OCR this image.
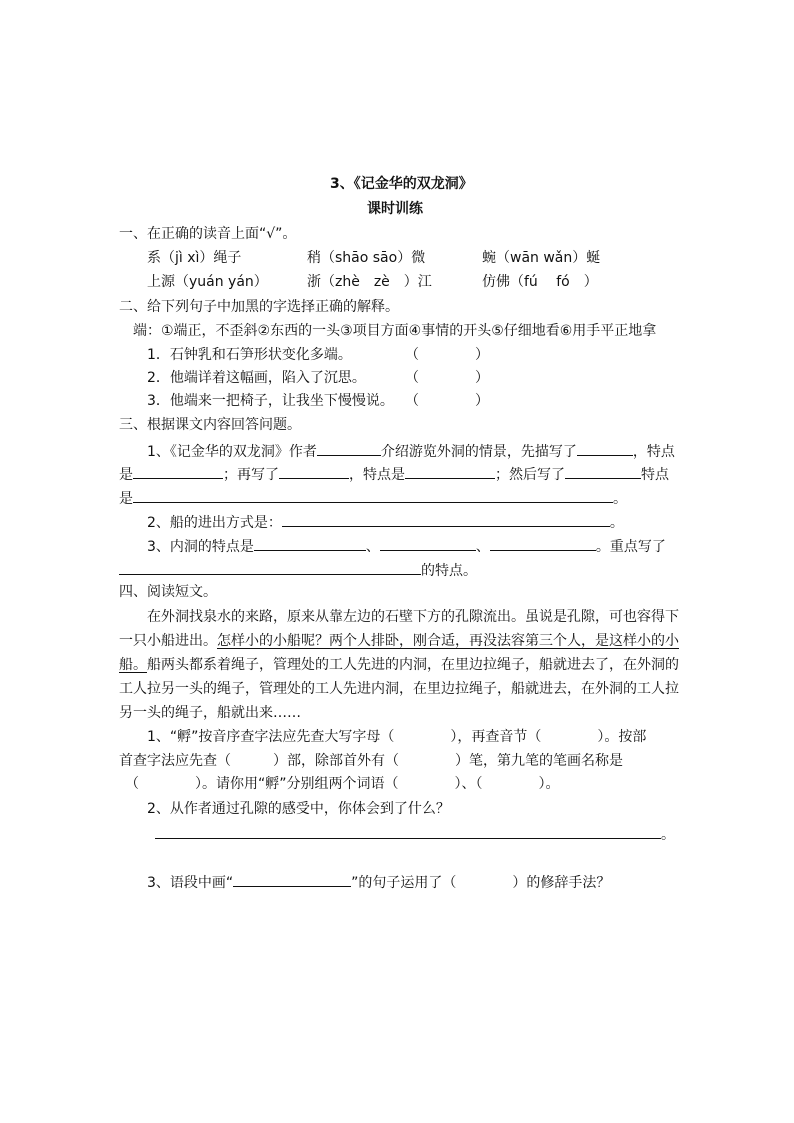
3、《记金华的双龙洞》
课时训练
一、在正确的读音上面“√”。
系（jì xì）绳子	稍（shāo sāo）微	蜿（wān wǎn）蜒
上源（yuán yán）	浙（zhè　zè　）江	仿佛（fú　 fó　）
二、给下列句子中加黑的字选择正确的解释。
端：①端正，不歪斜②东西的一头③项目方面④事情的开头⑤仔细地看⑥用手平正地拿
1．石钟乳和石笋形状变化多端。	（　　　　）
2．他端详着这幅画，陷入了沉思。	（　　　　）
3．他端来一把椅子，让我坐下慢慢说。 （　　　　）
三、根据课文内容回答问题。
1、《记金华的双龙洞》作者	介绍游览外洞的情景，先描写了	，特点
是	；再写了	，特点是	；然后写了	特点
是	。
2、船的进出方式是：	。
3、内洞的特点是	、	、	。重点写了
的特点。
四、阅读短文。
在外洞找泉水的来路，原来从靠左边的石壁下方的孔隙流出。虽说是孔隙，可也容得下
一只小船进出。怎样小的小船呢？两个人排卧，刚合适，再没法容第三个人，是这样小的小
船。船两头都系着绳子，管理处的工人先进的内洞，在里边拉绳子，船就进去了，在外洞的
工人拉另一头的绳子，管理处的工人先进内洞，在里边拉绳子，船就进去，在外洞的工人拉
另一头的绳子，船就出来……
1、“孵”按音序查字法应先查大写字母（　　　　），再查音节（　　　　）。按部
首查字法应先查（　　　）部，除部首外有（　　　　）笔，第九笔的笔画名称是
（　　　　）。请你用“孵”分别组两个词语（　　　　）、（　　　　）。
2、从作者通过孔隙的感受中，你体会到了什么？
。
3、语段中画“	”的句子运用了（　　　　）的修辞手法？
